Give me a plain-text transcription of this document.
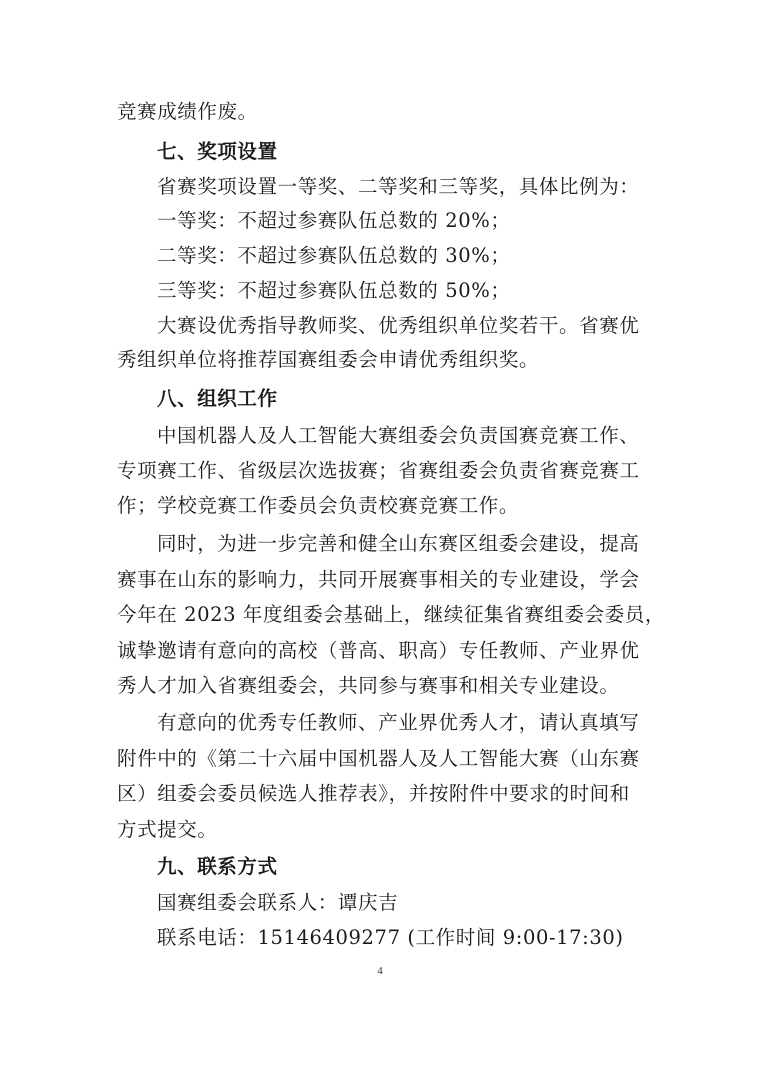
竞赛成绩作废。
七、奖项设置
省赛奖项设置一等奖、二等奖和三等奖，具体比例为：
一等奖：不超过参赛队伍总数的 20%；
二等奖：不超过参赛队伍总数的 30%；
三等奖：不超过参赛队伍总数的 50%；
大赛设优秀指导教师奖、优秀组织单位奖若干。省赛优
秀组织单位将推荐国赛组委会申请优秀组织奖。
八、组织工作
中国机器人及人工智能大赛组委会负责国赛竞赛工作、
专项赛工作、省级层次选拔赛；省赛组委会负责省赛竞赛工
作；学校竞赛工作委员会负责校赛竞赛工作。
同时，为进一步完善和健全山东赛区组委会建设，提高
赛事在山东的影响力，共同开展赛事相关的专业建设，学会
今年在 2023 年度组委会基础上，继续征集省赛组委会委员，
诚挚邀请有意向的高校（普高、职高）专任教师、产业界优
秀人才加入省赛组委会，共同参与赛事和相关专业建设。
有意向的优秀专任教师、产业界优秀人才，请认真填写
附件中的《第二十六届中国机器人及人工智能大赛（山东赛
区）组委会委员候选人推荐表》，并按附件中要求的时间和
方式提交。
九、联系方式
国赛组委会联系人：谭庆吉
联系电话：15146409277 (工作时间 9:00-17:30)
4
